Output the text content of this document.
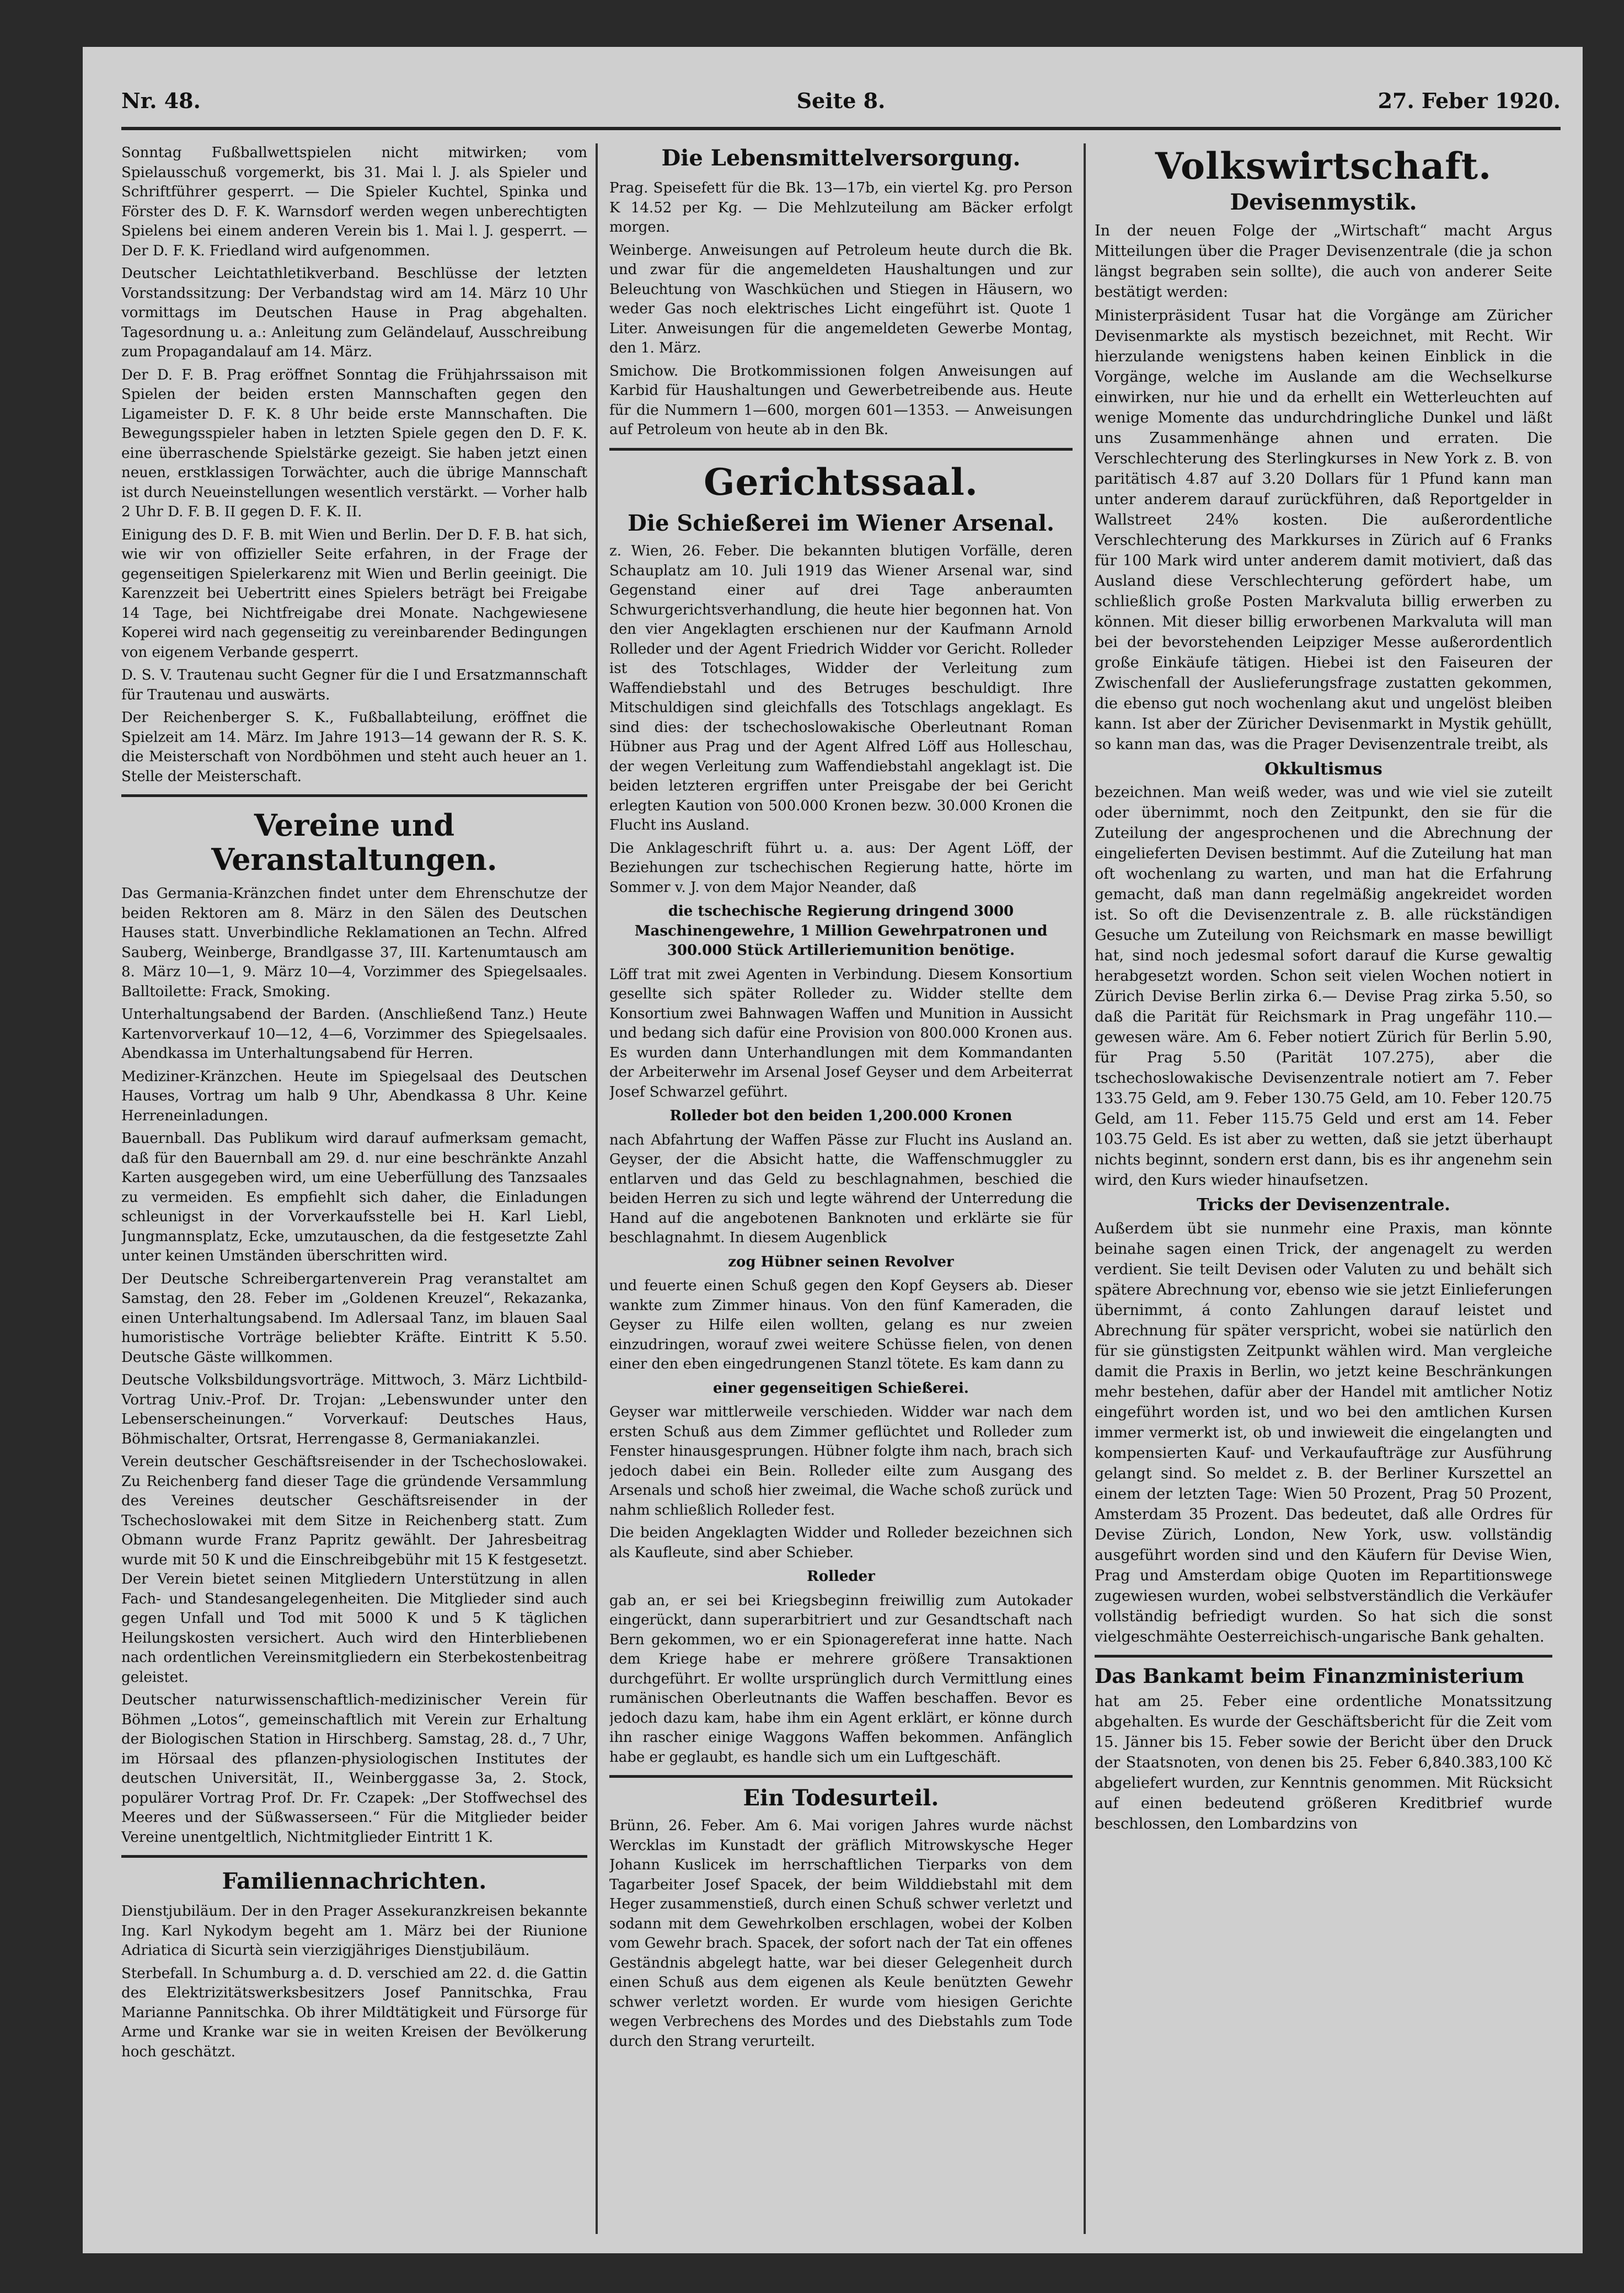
Nr. 48.	Seite 8.	27. Feber 1920.

Sonntag Fußballwettspielen nicht mitwirken; vom Spielausschuß vorgemerkt, bis 31. Mai l. J. als Spieler und Schriftführer gesperrt. — Die Spieler Kuchtel, Spinka und Förster des D. F. K. Warnsdorf werden wegen unberechtigten Spielens bei einem anderen Verein bis 1. Mai l. J. gesperrt. — Der D. F. K. Friedland wird aufgenommen.

Deutscher Leichtathletikverband. Beschlüsse der letzten Vorstandssitzung: Der Verbandstag wird am 14. März 10 Uhr vormittags im Deutschen Hause in Prag abgehalten. Tagesordnung u. a.: Anleitung zum Geländelauf, Ausschreibung zum Propagandalauf am 14. März.

Der D. F. B. Prag eröffnet Sonntag die Frühjahrssaison mit Spielen der beiden ersten Mannschaften gegen den Ligameister D. F. K. 8 Uhr beide erste Mannschaften. Die Bewegungsspieler haben in letzten Spiele gegen den D. F. K. eine überraschende Spielstärke gezeigt. Sie haben jetzt einen neuen, erstklassigen Torwächter, auch die übrige Mannschaft ist durch Neueinstellungen wesentlich verstärkt. — Vorher halb 2 Uhr D. F. B. II gegen D. F. K. II.

Einigung des D. F. B. mit Wien und Berlin. Der D. F. B. hat sich, wie wir von offizieller Seite erfahren, in der Frage der gegenseitigen Spielerkarenz mit Wien und Berlin geeinigt. Die Karenzzeit bei Uebertritt eines Spielers beträgt bei Freigabe 14 Tage, bei Nichtfreigabe drei Monate. Nachgewiesene Koperei wird nach gegenseitig zu vereinbarender Bedingungen von eigenem Verbande gesperrt.

D. S. V. Trautenau sucht Gegner für die I und Ersatzmannschaft für Trautenau und auswärts.

Der Reichenberger S. K., Fußballabteilung, eröffnet die Spielzeit am 14. März. Im Jahre 1913—14 gewann der R. S. K. die Meisterschaft von Nordböhmen und steht auch heuer an 1. Stelle der Meisterschaft.

Vereine und Veranstaltungen.

Das Germania-Kränzchen findet unter dem Ehrenschutze der beiden Rektoren am 8. März in den Sälen des Deutschen Hauses statt. Unverbindliche Reklamationen an Techn. Alfred Sauberg, Weinberge, Brandlgasse 37, III. Kartenumtausch am 8. März 10—1, 9. März 10—4, Vorzimmer des Spiegelsaales. Balltoilette: Frack, Smoking.

Unterhaltungsabend der Barden. (Anschließend Tanz.) Heute Kartenvorverkauf 10—12, 4—6, Vorzimmer des Spiegelsaales. Abendkassa im Unterhaltungsabend für Herren.

Mediziner-Kränzchen. Heute im Spiegelsaal des Deutschen Hauses, Vortrag um halb 9 Uhr, Abendkassa 8 Uhr. Keine Herreneinladungen.

Bauernball. Das Publikum wird darauf aufmerksam gemacht, daß für den Bauernball am 29. d. nur eine beschränkte Anzahl Karten ausgegeben wird, um eine Ueberfüllung des Tanzsaales zu vermeiden. Es empfiehlt sich daher, die Einladungen schleunigst in der Vorverkaufsstelle bei H. Karl Liebl, Jungmannsplatz, Ecke, umzutauschen, da die festgesetzte Zahl unter keinen Umständen überschritten wird.

Der Deutsche Schreibergartenverein Prag veranstaltet am Samstag, den 28. Feber im „Goldenen Kreuzel“, Rekazanka, einen Unterhaltungsabend. Im Adlersaal Tanz, im blauen Saal humoristische Vorträge beliebter Kräfte. Eintritt K 5.50. Deutsche Gäste willkommen.

Deutsche Volksbildungsvorträge. Mittwoch, 3. März Lichtbild-Vortrag Univ.-Prof. Dr. Trojan: „Lebenswunder unter den Lebenserscheinungen.“ Vorverkauf: Deutsches Haus, Böhmischalter, Ortsrat, Herrengasse 8, Germaniakanzlei.

Verein deutscher Geschäftsreisender in der Tschechoslowakei. Zu Reichenberg fand dieser Tage die gründende Versammlung des Vereines deutscher Geschäftsreisender in der Tschechoslowakei mit dem Sitze in Reichenberg statt. Zum Obmann wurde Franz Papritz gewählt. Der Jahresbeitrag wurde mit 50 K und die Einschreibgebühr mit 15 K festgesetzt. Der Verein bietet seinen Mitgliedern Unterstützung in allen Fach- und Standesangelegenheiten. Die Mitglieder sind auch gegen Unfall und Tod mit 5000 K und 5 K täglichen Heilungskosten versichert. Auch wird den Hinterbliebenen nach ordentlichen Vereinsmitgliedern ein Sterbekostenbeitrag geleistet.

Deutscher naturwissenschaftlich-medizinischer Verein für Böhmen „Lotos“, gemeinschaftlich mit Verein zur Erhaltung der Biologischen Station in Hirschberg. Samstag, 28. d., 7 Uhr, im Hörsaal des pflanzen-physiologischen Institutes der deutschen Universität, II., Weinberggasse 3a, 2. Stock, populärer Vortrag Prof. Dr. Fr. Czapek: „Der Stoffwechsel des Meeres und der Süßwasserseen.“ Für die Mitglieder beider Vereine unentgeltlich, Nichtmitglieder Eintritt 1 K.

Familiennachrichten.

Dienstjubiläum. Der in den Prager Assekuranzkreisen bekannte Ing. Karl Nykodym begeht am 1. März bei der Riunione Adriatica di Sicurtà sein vierzigjähriges Dienstjubiläum.

Sterbefall. In Schumburg a. d. D. verschied am 22. d. die Gattin des Elektrizitätswerksbesitzers Josef Pannitschka, Frau Marianne Pannitschka. Ob ihrer Mildtätigkeit und Fürsorge für Arme und Kranke war sie in weiten Kreisen der Bevölkerung hoch geschätzt.

Die Lebensmittelversorgung.

Prag. Speisefett für die Bk. 13—17b, ein viertel Kg. pro Person K 14.52 per Kg. — Die Mehlzuteilung am Bäcker erfolgt morgen.

Weinberge. Anweisungen auf Petroleum heute durch die Bk. und zwar für die angemeldeten Haushaltungen und zur Beleuchtung von Waschküchen und Stiegen in Häusern, wo weder Gas noch elektrisches Licht eingeführt ist. Quote 1 Liter. Anweisungen für die angemeldeten Gewerbe Montag, den 1. März.

Smichow. Die Brotkommissionen folgen Anweisungen auf Karbid für Haushaltungen und Gewerbetreibende aus. Heute für die Nummern 1—600, morgen 601—1353. — Anweisungen auf Petroleum von heute ab in den Bk.

Gerichtssaal.
Die Schießerei im Wiener Arsenal.

z. Wien, 26. Feber. Die bekannten blutigen Vorfälle, deren Schauplatz am 10. Juli 1919 das Wiener Arsenal war, sind Gegenstand einer auf drei Tage anberaumten Schwurgerichtsverhandlung, die heute hier begonnen hat. Von den vier Angeklagten erschienen nur der Kaufmann Arnold Rolleder und der Agent Friedrich Widder vor Gericht. Rolleder ist des Totschlages, Widder der Verleitung zum Waffendiebstahl und des Betruges beschuldigt. Ihre Mitschuldigen sind gleichfalls des Totschlags angeklagt. Es sind dies: der tschechoslowakische Oberleutnant Roman Hübner aus Prag und der Agent Alfred Löff aus Holleschau, der wegen Verleitung zum Waffendiebstahl angeklagt ist. Die beiden letzteren ergriffen unter Preisgabe der bei Gericht erlegten Kaution von 500.000 Kronen bezw. 30.000 Kronen die Flucht ins Ausland.

Die Anklageschrift führt u. a. aus: Der Agent Löff, der Beziehungen zur tschechischen Regierung hatte, hörte im Sommer v. J. von dem Major Neander, daß

die tschechische Regierung dringend 3000 Maschinengewehre, 1 Million Gewehrpatronen und 300.000 Stück Artilleriemunition benötige.

Löff trat mit zwei Agenten in Verbindung. Diesem Konsortium gesellte sich später Rolleder zu. Widder stellte dem Konsortium zwei Bahnwagen Waffen und Munition in Aussicht und bedang sich dafür eine Provision von 800.000 Kronen aus. Es wurden dann Unterhandlungen mit dem Kommandanten der Arbeiterwehr im Arsenal Josef Geyser und dem Arbeiterrat Josef Schwarzel geführt.

Rolleder bot den beiden 1,200.000 Kronen

nach Abfahrtung der Waffen Pässe zur Flucht ins Ausland an. Geyser, der die Absicht hatte, die Waffenschmuggler zu entlarven und das Geld zu beschlagnahmen, beschied die beiden Herren zu sich und legte während der Unterredung die Hand auf die angebotenen Banknoten und erklärte sie für beschlagnahmt. In diesem Augenblick

zog Hübner seinen Revolver

und feuerte einen Schuß gegen den Kopf Geysers ab. Dieser wankte zum Zimmer hinaus. Von den fünf Kameraden, die Geyser zu Hilfe eilen wollten, gelang es nur zweien einzudringen, worauf zwei weitere Schüsse fielen, von denen einer den eben eingedrungenen Stanzl tötete. Es kam dann zu

einer gegenseitigen Schießerei.

Geyser war mittlerweile verschieden. Widder war nach dem ersten Schuß aus dem Zimmer geflüchtet und Rolleder zum Fenster hinausgesprungen. Hübner folgte ihm nach, brach sich jedoch dabei ein Bein. Rolleder eilte zum Ausgang des Arsenals und schoß hier zweimal, die Wache schoß zurück und nahm schließlich Rolleder fest.

Die beiden Angeklagten Widder und Rolleder bezeichnen sich als Kaufleute, sind aber Schieber.

Rolleder

gab an, er sei bei Kriegsbeginn freiwillig zum Autokader eingerückt, dann superarbitriert und zur Gesandtschaft nach Bern gekommen, wo er ein Spionagereferat inne hatte. Nach dem Kriege habe er mehrere größere Transaktionen durchgeführt. Er wollte ursprünglich durch Vermittlung eines rumänischen Oberleutnants die Waffen beschaffen. Bevor es jedoch dazu kam, habe ihm ein Agent erklärt, er könne durch ihn rascher einige Waggons Waffen bekommen. Anfänglich habe er geglaubt, es handle sich um ein Luftgeschäft.

Ein Todesurteil.

Brünn, 26. Feber. Am 6. Mai vorigen Jahres wurde nächst Wercklas im Kunstadt der gräflich Mitrowskysche Heger Johann Kuslicek im herrschaftlichen Tierparks von dem Tagarbeiter Josef Spacek, der beim Wilddiebstahl mit dem Heger zusammenstieß, durch einen Schuß schwer verletzt und sodann mit dem Gewehrkolben erschlagen, wobei der Kolben vom Gewehr brach. Spacek, der sofort nach der Tat ein offenes Geständnis abgelegt hatte, war bei dieser Gelegenheit durch einen Schuß aus dem eigenen als Keule benützten Gewehr schwer verletzt worden. Er wurde vom hiesigen Gerichte wegen Verbrechens des Mordes und des Diebstahls zum Tode durch den Strang verurteilt.

Volkswirtschaft.
Devisenmystik.

In der neuen Folge der „Wirtschaft“ macht Argus Mitteilungen über die Prager Devisenzentrale (die ja schon längst begraben sein sollte), die auch von anderer Seite bestätigt werden:

Ministerpräsident Tusar hat die Vorgänge am Züricher Devisenmarkte als mystisch bezeichnet, mit Recht. Wir hierzulande wenigstens haben keinen Einblick in die Vorgänge, welche im Auslande am die Wechselkurse einwirken, nur hie und da erhellt ein Wetterleuchten auf wenige Momente das undurchdringliche Dunkel und läßt uns Zusammenhänge ahnen und erraten. Die Verschlechterung des Sterlingkurses in New York z. B. von paritätisch 4.87 auf 3.20 Dollars für 1 Pfund kann man unter anderem darauf zurückführen, daß Reportgelder in Wallstreet 24% kosten. Die außerordentliche Verschlechterung des Markkurses in Zürich auf 6 Franks für 100 Mark wird unter anderem damit motiviert, daß das Ausland diese Verschlechterung gefördert habe, um schließlich große Posten Markvaluta billig erwerben zu können. Mit dieser billig erworbenen Markvaluta will man bei der bevorstehenden Leipziger Messe außerordentlich große Einkäufe tätigen. Hiebei ist den Faiseuren der Zwischenfall der Auslieferungsfrage zustatten gekommen, die ebenso gut noch wochenlang akut und ungelöst bleiben kann. Ist aber der Züricher Devisenmarkt in Mystik gehüllt, so kann man das, was die Prager Devisenzentrale treibt, als

Okkultismus

bezeichnen. Man weiß weder, was und wie viel sie zuteilt oder übernimmt, noch den Zeitpunkt, den sie für die Zuteilung der angesprochenen und die Abrechnung der eingelieferten Devisen bestimmt. Auf die Zuteilung hat man oft wochenlang zu warten, und man hat die Erfahrung gemacht, daß man dann regelmäßig angekreidet worden ist. So oft die Devisenzentrale z. B. alle rückständigen Gesuche um Zuteilung von Reichsmark en masse bewilligt hat, sind noch jedesmal sofort darauf die Kurse gewaltig herabgesetzt worden. Schon seit vielen Wochen notiert in Zürich Devise Berlin zirka 6.— Devise Prag zirka 5.50, so daß die Parität für Reichsmark in Prag ungefähr 110.— gewesen wäre. Am 6. Feber notiert Zürich für Berlin 5.90, für Prag 5.50 (Parität 107.275), aber die tschechoslowakische Devisenzentrale notiert am 7. Feber 133.75 Geld, am 9. Feber 130.75 Geld, am 10. Feber 120.75 Geld, am 11. Feber 115.75 Geld und erst am 14. Feber 103.75 Geld. Es ist aber zu wetten, daß sie jetzt überhaupt nichts beginnt, sondern erst dann, bis es ihr angenehm sein wird, den Kurs wieder hinaufsetzen.

Tricks der Devisenzentrale.

Außerdem übt sie nunmehr eine Praxis, man könnte beinahe sagen einen Trick, der angenagelt zu werden verdient. Sie teilt Devisen oder Valuten zu und behält sich spätere Abrechnung vor, ebenso wie sie jetzt Einlieferungen übernimmt, á conto Zahlungen darauf leistet und Abrechnung für später verspricht, wobei sie natürlich den für sie günstigsten Zeitpunkt wählen wird. Man vergleiche damit die Praxis in Berlin, wo jetzt keine Beschränkungen mehr bestehen, dafür aber der Handel mit amtlicher Notiz eingeführt worden ist, und wo bei den amtlichen Kursen immer vermerkt ist, ob und inwieweit die eingelangten und kompensierten Kauf- und Verkaufaufträge zur Ausführung gelangt sind. So meldet z. B. der Berliner Kurszettel an einem der letzten Tage: Wien 50 Prozent, Prag 50 Prozent, Amsterdam 35 Prozent. Das bedeutet, daß alle Ordres für Devise Zürich, London, New York, usw. vollständig ausgeführt worden sind und den Käufern für Devise Wien, Prag und Amsterdam obige Quoten im Repartitionswege zugewiesen wurden, wobei selbstverständlich die Verkäufer vollständig befriedigt wurden. So hat sich die sonst vielgeschmähte Oesterreichisch-ungarische Bank gehalten.

Das Bankamt beim Finanzministerium

hat am 25. Feber eine ordentliche Monatssitzung abgehalten. Es wurde der Geschäftsbericht für die Zeit vom 15. Jänner bis 15. Feber sowie der Bericht über den Druck der Staatsnoten, von denen bis 25. Feber 6,840.383,100 Kč abgeliefert wurden, zur Kenntnis genommen. Mit Rücksicht auf einen bedeutend größeren Kreditbrief wurde beschlossen, den Lombardzins von
